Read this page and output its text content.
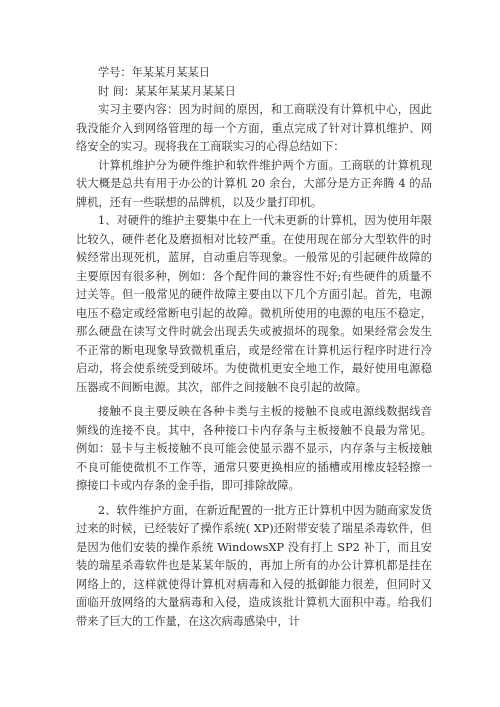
学号：年某某月某某日

时 间：某某年某某月某某日

实习主要内容：因为时间的原因，和工商联没有计算机中心，因此我没能介入到网络管理的每一个方面，重点完成了针对计算机维护、网络安全的实习。现将我在工商联实习的心得总结如下：

计算机维护分为硬件维护和软件维护两个方面。工商联的计算机现状大概是总共有用于办公的计算机 20 余台，大部分是方正奔腾 4 的品牌机，还有一些联想的品牌机，以及少量打印机。

1、对硬件的维护主要集中在上一代未更新的计算机，因为使用年限比较久，硬件老化及磨损相对比较严重。在使用现在部分大型软件的时候经常出现死机，蓝屏，自动重启等现象。一般常见的引起硬件故障的主要原因有很多种，例如：各个配件间的兼容性不好;有些硬件的质量不过关等。但一般常见的硬件故障主要由以下几个方面引起。首先，电源电压不稳定或经常断电引起的故障。微机所使用的电源的电压不稳定，那么硬盘在读写文件时就会出现丢失或被损坏的现象。如果经常会发生不正常的断电现象导致微机重启，或是经常在计算机运行程序时进行冷启动，将会使系统受到破坏。为使微机更安全地工作，最好使用电源稳压器或不间断电源。其次，部件之间接触不良引起的故障。

接触不良主要反映在各种卡类与主板的接触不良或电源线数据线音频线的连接不良。其中，各种接口卡内存条与主板接触不良最为常见。例如：显卡与主板接触不良可能会使显示器不显示，内存条与主板接触不良可能使微机不工作等，通常只要更换相应的插槽或用橡皮轻轻擦一擦接口卡或内存条的金手指，即可排除故障。

2、软件维护方面，在新近配置的一批方正计算机中因为随商家发货过来的时候，已经装好了操作系统( XP)还附带安装了瑞星杀毒软件，但是因为他们安装的操作系统 WindowsXP 没有打上 SP2 补丁，而且安装的瑞星杀毒软件也是某某年版的，再加上所有的办公计算机都是挂在网络上的，这样就使得计算机对病毒和入侵的抵御能力很差，但同时又面临开放网络的大量病毒和入侵，造成该批计算机大面积中毒。给我们带来了巨大的工作量，在这次病毒感染中，计
